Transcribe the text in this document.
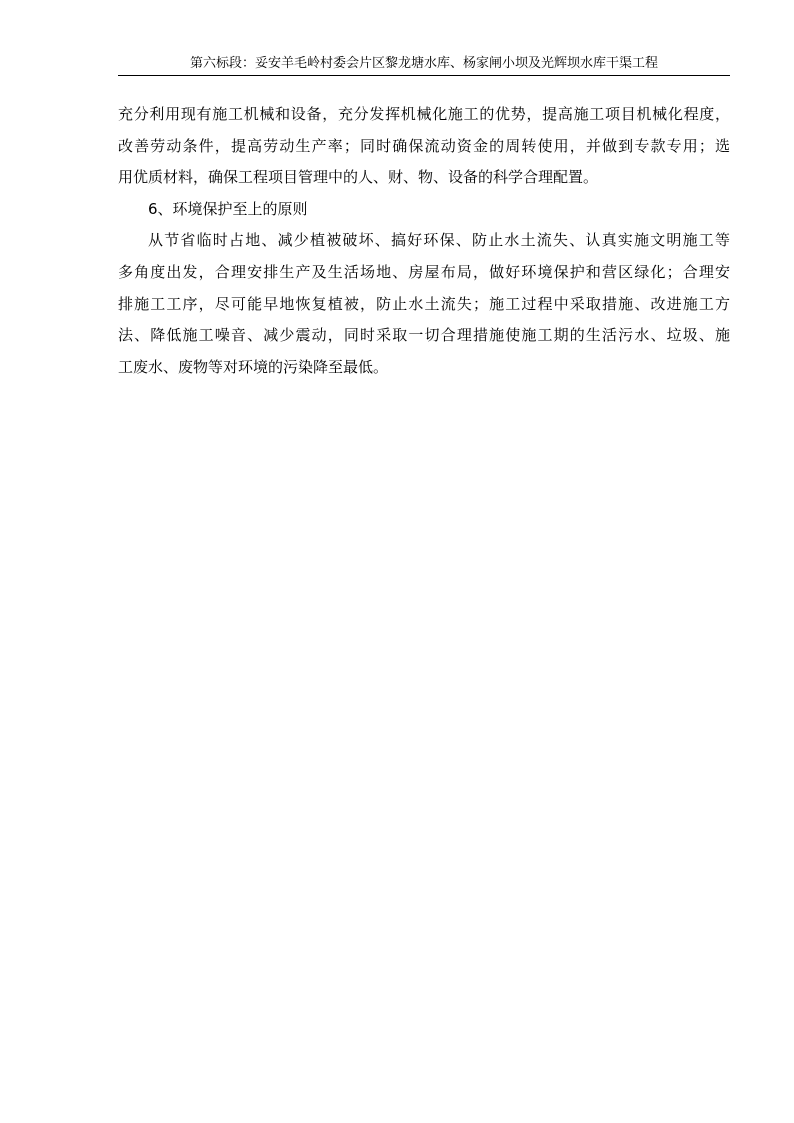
第六标段：妥安羊毛岭村委会片区黎龙塘水库、杨家闸小坝及光辉坝水库干渠工程
充分利用现有施工机械和设备，充分发挥机械化施工的优势，提高施工项目机械化程度，
改善劳动条件，提高劳动生产率；同时确保流动资金的周转使用，并做到专款专用；选
用优质材料，确保工程项目管理中的人、财、物、设备的科学合理配置。
6、环境保护至上的原则
从节省临时占地、减少植被破坏、搞好环保、防止水土流失、认真实施文明施工等
多角度出发，合理安排生产及生活场地、房屋布局，做好环境保护和营区绿化；合理安
排施工工序，尽可能早地恢复植被，防止水土流失；施工过程中采取措施、改进施工方
法、降低施工噪音、减少震动，同时采取一切合理措施使施工期的生活污水、垃圾、施
工废水、废物等对环境的污染降至最低。
